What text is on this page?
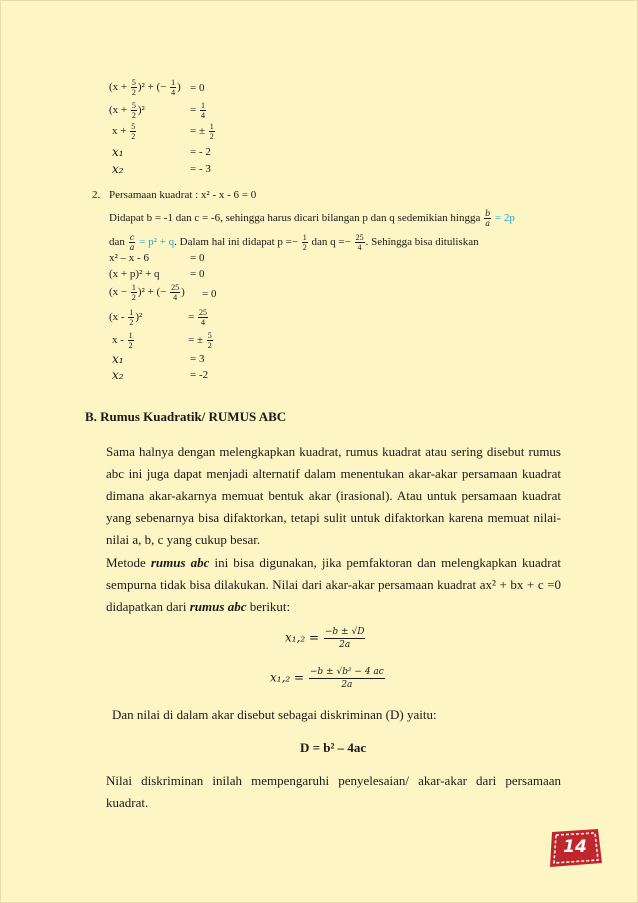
$(x + \frac{5}{2} )^2$ + (− $\frac{1}{4}$ ) = 0
$(x + \frac{5}{2} )^2$	= $\frac{1}{4}$
$x + \frac{5}{2}$	= ± $\frac{1}{2}$
x₁	= - 2
x₂	= - 3
2. Persamaan kuadrat : x² - x - 6 = 0
Didapat b = -1 dan c = -6, sehingga harus dicari bilangan p dan q sedemikian hingga $\frac{b}{a} = 2p$
dan $\frac{c}{a} = p^2 + q$. Dalam hal ini didapat $p =- \frac{1}{2}$ dan $q =- \frac{25}{4}$ . Sehingga bisa dituliskan
x² – x - 6	= 0
(x + p)² + q	= 0
$(x - \frac{1}{2} )^2$ + (− $\frac{25}{4}$ ) = 0
$(x - \frac{1}{2} )^2$	= $\frac{25}{4}$
x - $\frac{1}{2}$	= ± $\frac{5}{2}$
x₁	= 3
x₂	= -2
B. Rumus Kuadratik/ RUMUS ABC
Sama halnya dengan melengkapkan kuadrat, rumus kuadrat atau sering disebut rumus
abc ini juga dapat menjadi alternatif dalam menentukan akar-akar persamaan kuadrat
dimana akar-akarnya memuat bentuk akar (irasional). Atau untuk persamaan kuadrat
yang sebenarnya bisa difaktorkan, tetapi sulit untuk difaktorkan karena memuat nilai-
nilai a, b, c yang cukup besar.
Metode rumus abc ini bisa digunakan, jika pemfaktoran dan melengkapkan kuadrat
sempurna tidak bisa dilakukan. Nilai dari akar-akar persamaan kuadrat ax² + bx + c =0
didapatkan dari rumus abc berikut:
$x_1,_2 = \frac{-b \pm √D}{2a}$
$x_1,_2 = \frac{\text{−b ± √b² − 4 ac}}{2a}$
Dan nilai di dalam akar disebut sebagai diskriminan (D) yaitu:
D = b² – 4ac
Nilai diskriminan inilah mempengaruhi penyelesaian/ akar-akar dari persamaan
kuadrat.
14
